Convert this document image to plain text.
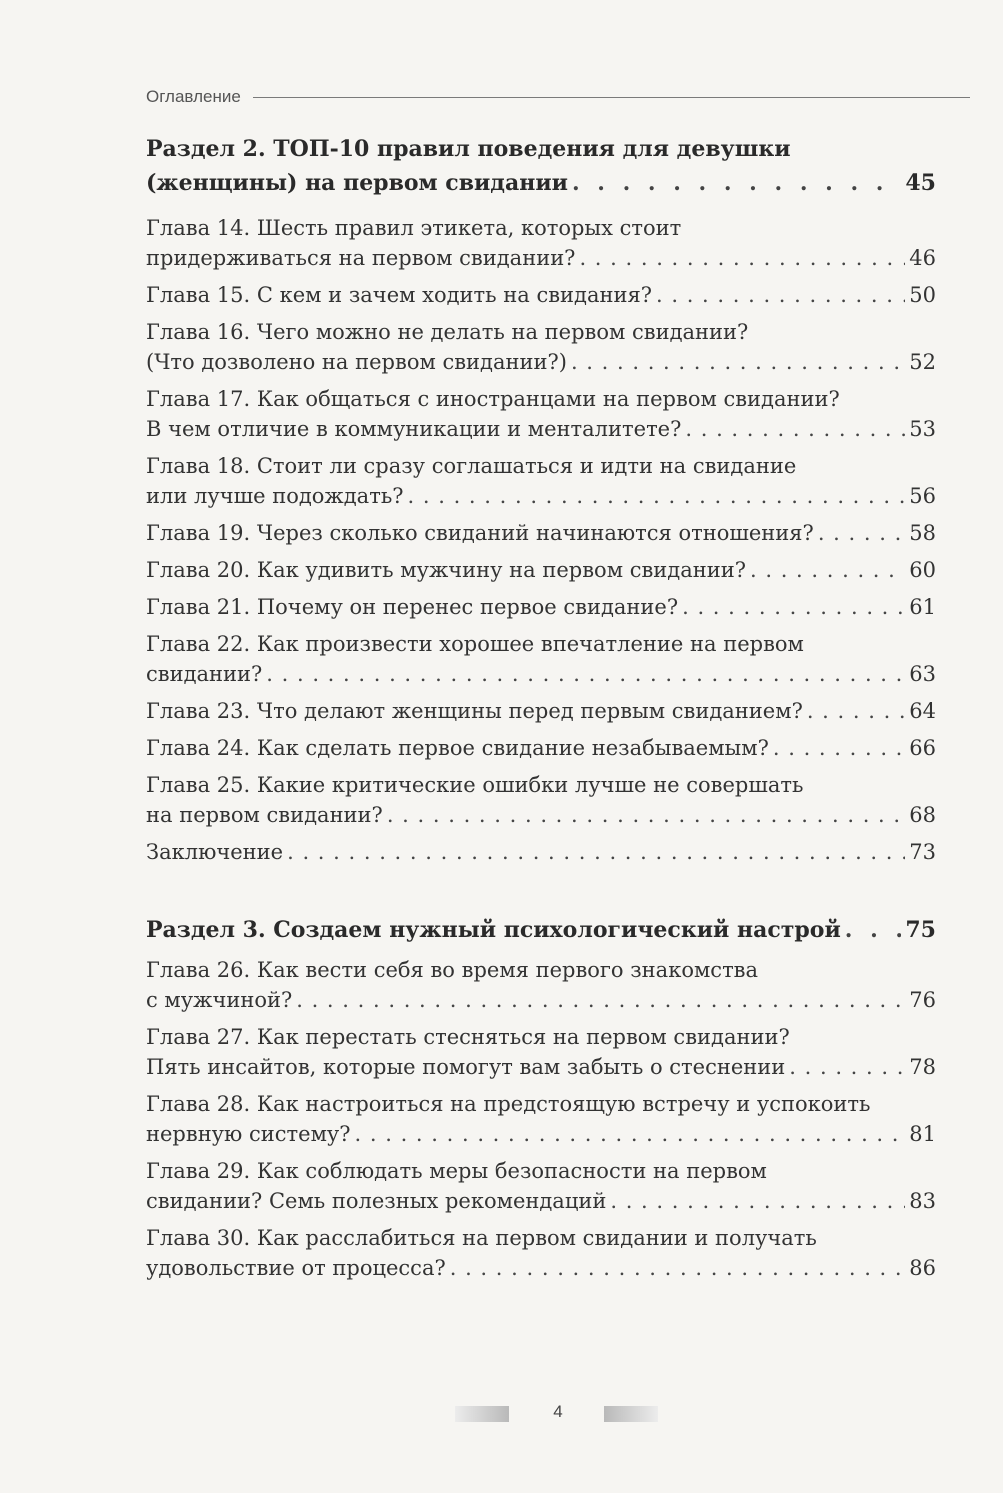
Оглавление
Раздел 2. ТОП-10 правил поведения для девушки
(женщины) на первом свидании . . .	45
Глава 14. Шесть правил этикета, которых стоит
придерживаться на первом свидании? . . .	46
Глава 15. С кем и зачем ходить на свидания? . . .	50
Глава 16. Чего можно не делать на первом свидании?
(Что дозволено на первом свидании?) . . .	52
Глава 17. Как общаться с иностранцами на первом свидании?
В чем отличие в коммуникации и менталитете? . . .	53
Глава 18. Стоит ли сразу соглашаться и идти на свидание
или лучше подождать? . . .	56
Глава 19. Через сколько свиданий начинаются отношения? . . .	58
Глава 20. Как удивить мужчину на первом свидании? . . .	60
Глава 21. Почему он перенес первое свидание? . . .	61
Глава 22. Как произвести хорошее впечатление на первом
свидании? . . .	63
Глава 23. Что делают женщины перед первым свиданием? . . .	64
Глава 24. Как сделать первое свидание незабываемым? . . .	66
Глава 25. Какие критические ошибки лучше не совершать
на первом свидании? . . .	68
Заключение . . .	73
Раздел 3. Создаем нужный психологический настрой . . .	75
Глава 26. Как вести себя во время первого знакомства
с мужчиной? . . .	76
Глава 27. Как перестать стесняться на первом свидании?
Пять инсайтов, которые помогут вам забыть о стеснении . . .	78
Глава 28. Как настроиться на предстоящую встречу и успокоить
нервную систему? . . .	81
Глава 29. Как соблюдать меры безопасности на первом
свидании? Семь полезных рекомендаций . . .	83
Глава 30. Как расслабиться на первом свидании и получать
удовольствие от процесса? . . .	86
4
